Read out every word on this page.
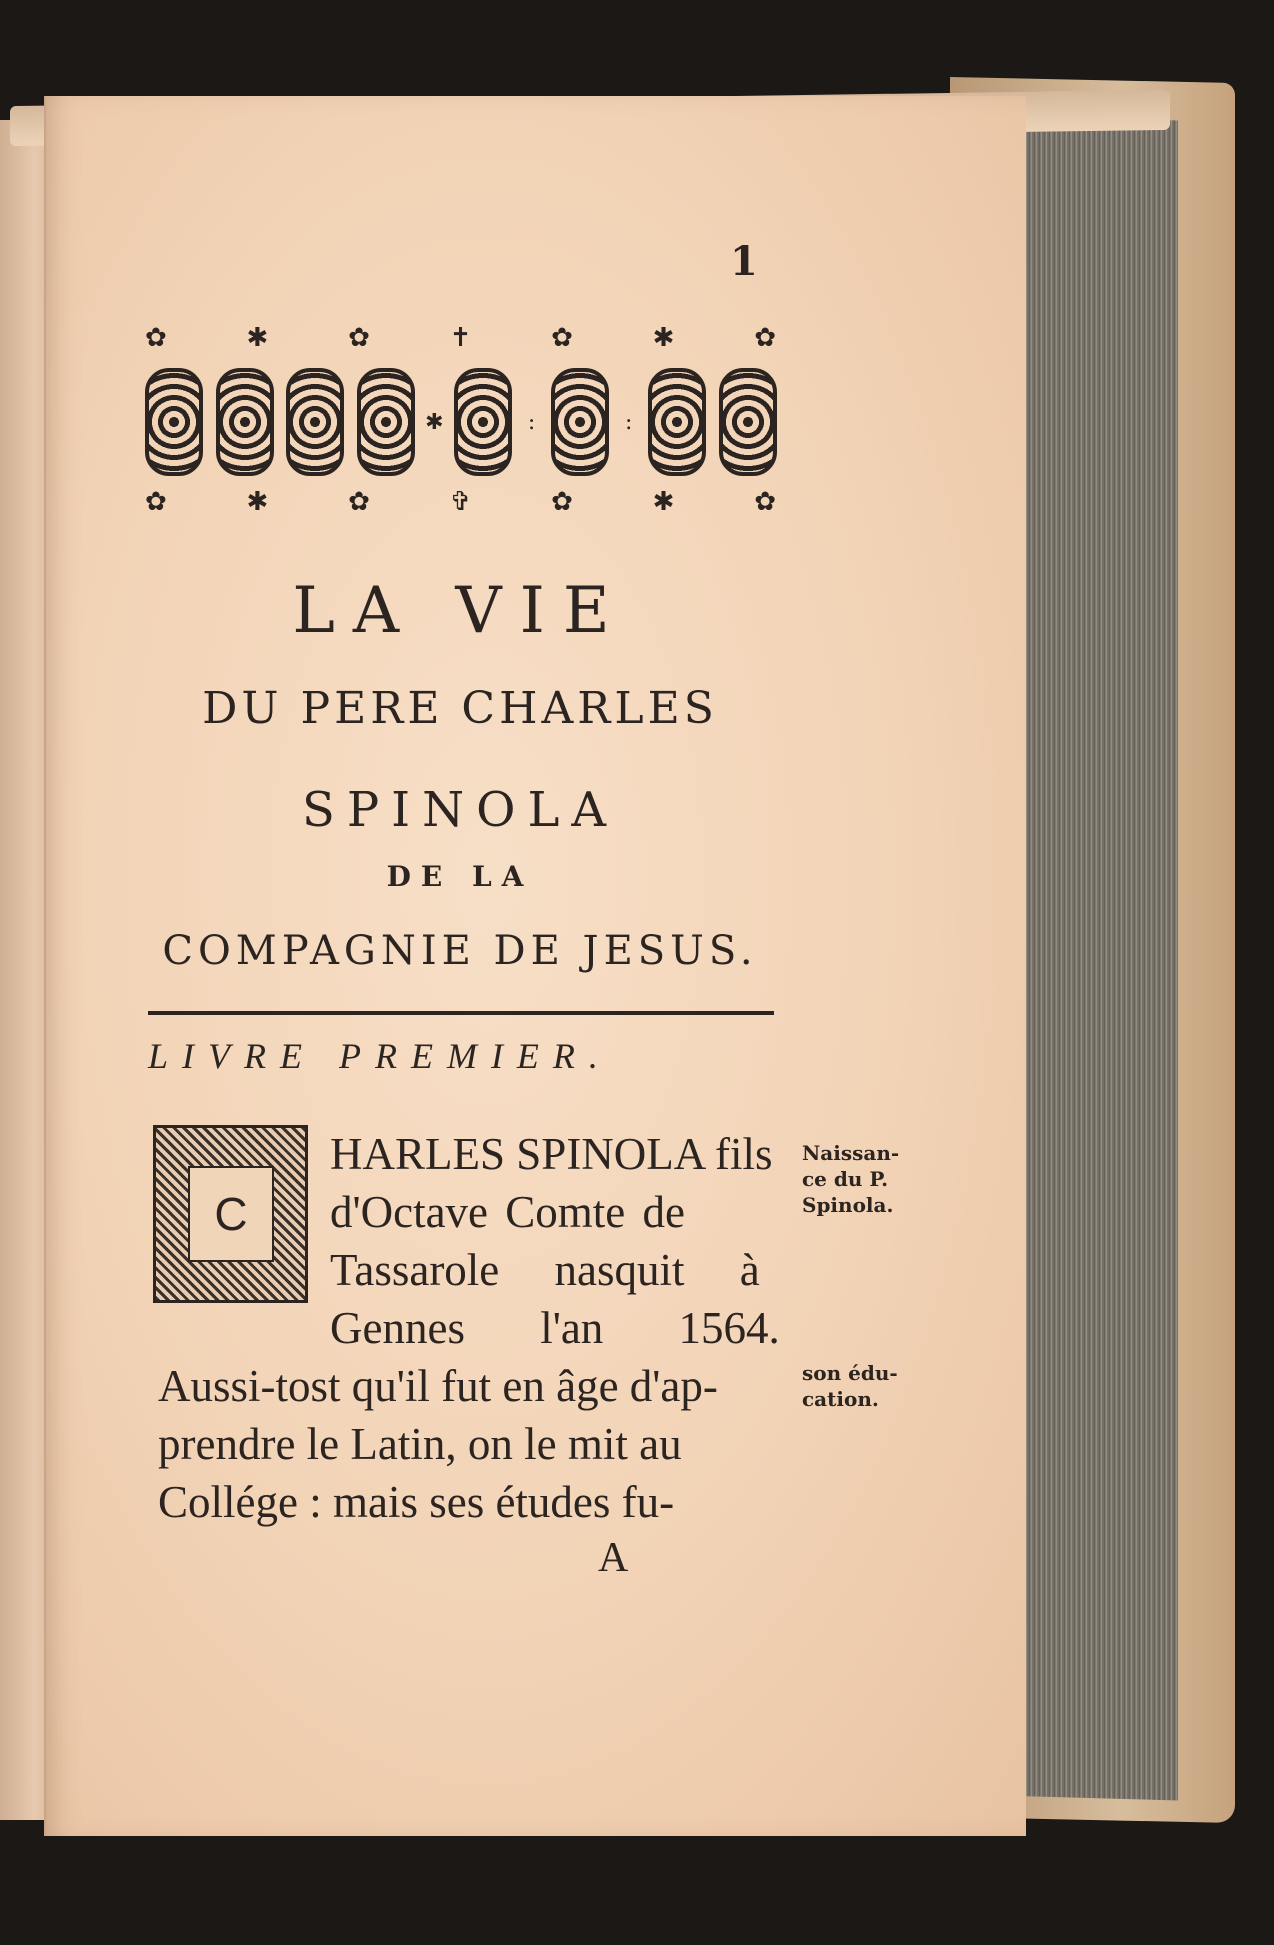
1
✿	✱	✿	✝	✿	✱	✿
✱	:	:
✿	✱	✿	✞	✿	✱	✿
LA VIE
DU PERE CHARLES
SPINOLA
DE LA
COMPAGNIE DE JESUS.
LIVRE PREMIER.
C
HARLES SPINOLA fils
d'Octave Comte de
Tassarole nasquit à
Gennes l'an 1564.
Aussi-tost qu'il fut en âge d'ap-
prendre le Latin, on le mit au
Collége : mais ses études fu-
A
Naissan-
ce du P.
Spinola.
son édu-
cation.
